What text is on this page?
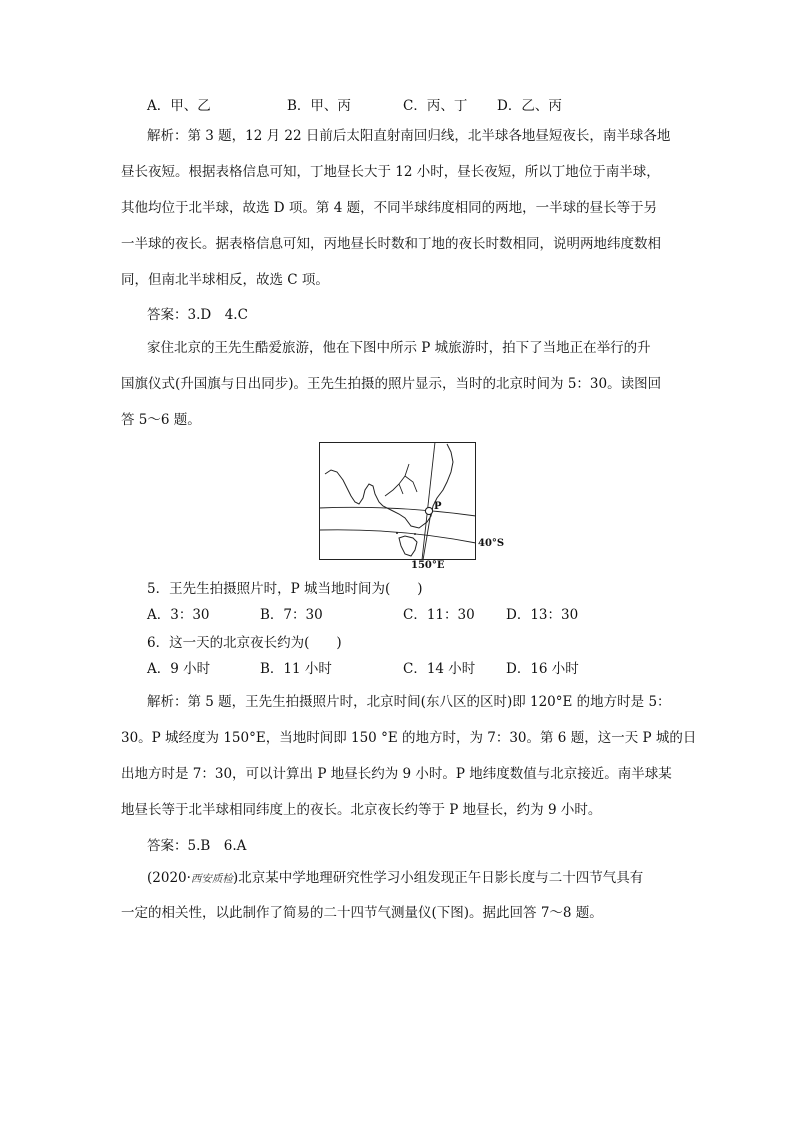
A．甲、乙	B．甲、丙	C．丙、丁 D．乙、丙
解析：第 3 题，12 月 22 日前后太阳直射南回归线，北半球各地昼短夜长，南半球各地
昼长夜短。根据表格信息可知，丁地昼长大于 12 小时，昼长夜短，所以丁地位于南半球，
其他均位于北半球，故选 D 项。第 4 题，不同半球纬度相同的两地，一半球的昼长等于另
一半球的夜长。据表格信息可知，丙地昼长时数和丁地的夜长时数相同，说明两地纬度数相
同，但南北半球相反，故选 C 项。
答案：3.D　4.C
家住北京的王先生酷爱旅游，他在下图中所示 P 城旅游时，拍下了当地正在举行的升
国旗仪式(升国旗与日出同步)。王先生拍摄的照片显示，当时的北京时间为 5：30。读图回
答 5～6 题。
P
40°S
150°E
5．王先生拍摄照片时，P 城当地时间为(　　)
A．3：30	B．7：30	C．11：30 D．13：30
6．这一天的北京夜长约为(　　)
A．9 小时	B．11 小时	C．14 小时 D．16 小时
解析：第 5 题，王先生拍摄照片时，北京时间(东八区的区时)即 120°E 的地方时是 5：
30。P 城经度为 150°E，当地时间即 150 °E 的地方时，为 7：30。第 6 题，这一天 P 城的日
出地方时是 7：30，可以计算出 P 地昼长约为 9 小时。P 地纬度数值与北京接近。南半球某
地昼长等于北半球相同纬度上的夜长。北京夜长约等于 P 地昼长，约为 9 小时。
答案：5.B　6.A
(2020·西安质检)北京某中学地理研究性学习小组发现正午日影长度与二十四节气具有
一定的相关性，以此制作了简易的二十四节气测量仪(下图)。据此回答 7～8 题。
